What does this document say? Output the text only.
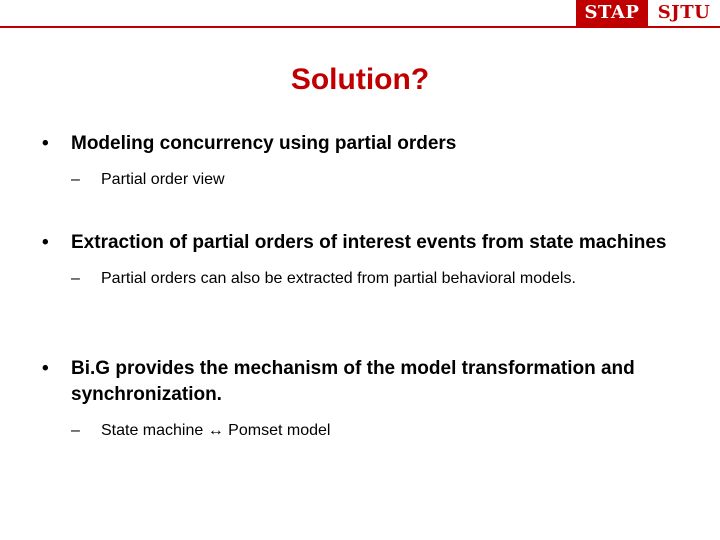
STAP	SJTU
Solution?
• Modeling concurrency using partial orders
– Partial order view
• Extraction of partial orders of interest events from state machines
– Partial orders can also be extracted from partial behavioral models.
• Bi.G provides the mechanism of the model transformation and synchronization.
– State machine ↔ Pomset model
